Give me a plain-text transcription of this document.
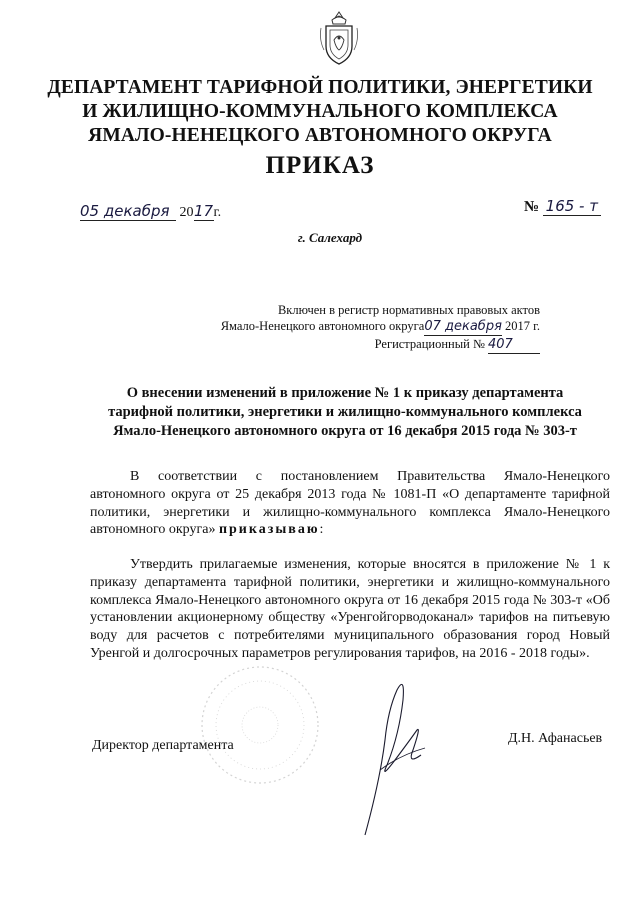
ДЕПАРТАМЕНТ ТАРИФНОЙ ПОЛИТИКИ, ЭНЕРГЕТИКИ
И ЖИЛИЩНО-КОММУНАЛЬНОГО КОМПЛЕКСА
ЯМАЛО-НЕНЕЦКОГО АВТОНОМНОГО ОКРУГА
ПРИКАЗ
05 декабря 2017г.	№ 165 - т
г. Салехард
Включен в регистр нормативных правовых актов
Ямало-Ненецкого автономного округа07 декабря 2017 г.
Регистрационный № 407
О внесении изменений в приложение № 1 к приказу департамента
тарифной политики, энергетики и жилищно-коммунального комплекса
Ямало-Ненецкого автономного округа от 16 декабря 2015 года № 303-т
В соответствии с постановлением Правительства Ямало-Ненецкого автономного округа от 25 декабря 2013 года № 1081-П «О департаменте тарифной политики, энергетики и жилищно-коммунального комплекса Ямало-Ненецкого автономного округа» приказываю:
Утвердить прилагаемые изменения, которые вносятся в приложение № 1 к приказу департамента тарифной политики, энергетики и жилищно-коммунального комплекса Ямало-Ненецкого автономного округа от 16 декабря 2015 года № 303-т «Об установлении акционерному обществу «Уренгойгорводоканал» тарифов на питьевую воду для расчетов с потребителями муниципального образования город Новый Уренгой и долгосрочных параметров регулирования тарифов, на 2016 - 2018 годы».
Директор департамента	Д.Н. Афанасьев
